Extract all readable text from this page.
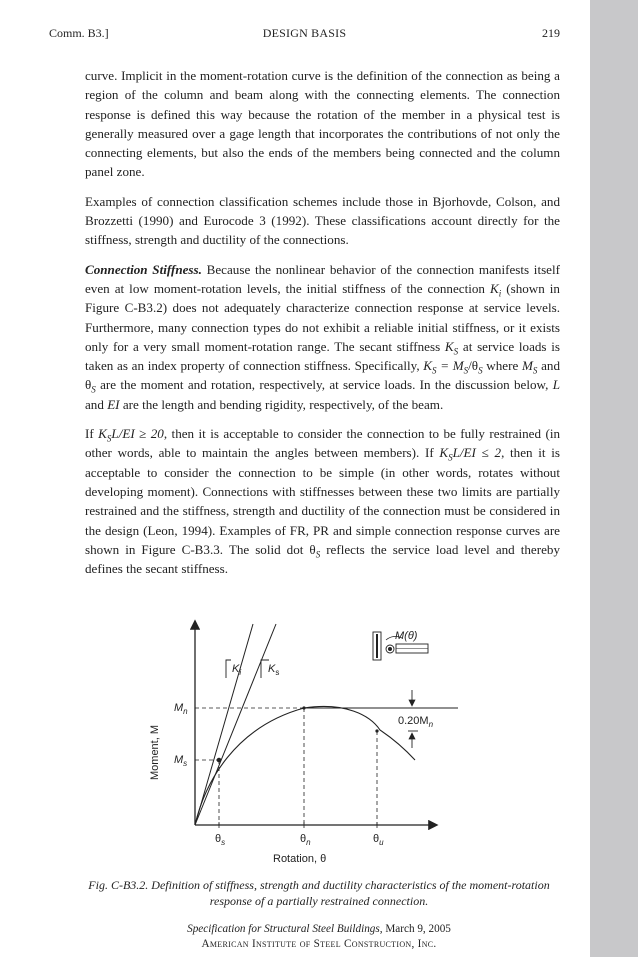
Comm. B3.]	DESIGN BASIS	219

curve. Implicit in the moment-rotation curve is the definition of the connection as being a region of the column and beam along with the connecting elements. The connection response is defined this way because the rotation of the member in a physical test is generally measured over a gage length that incorporates the contributions of not only the connecting elements, but also the ends of the members being connected and the column panel zone.

Examples of connection classification schemes include those in Bjorhovde, Colson, and Brozzetti (1990) and Eurocode 3 (1992). These classifications account directly for the stiffness, strength and ductility of the connections.

Connection Stiffness. Because the nonlinear behavior of the connection manifests itself even at low moment-rotation levels, the initial stiffness of the connection $K_i$ (shown in Figure C-B3.2) does not adequately characterize connection response at service levels. Furthermore, many connection types do not exhibit a reliable initial stiffness, or it exists only for a very small moment-rotation range. The secant stiffness $K_S$ at service loads is taken as an index property of connection stiffness. Specifically, $K_S = M_S/\theta_S$ where $M_S$ and $\theta_S$ are the moment and rotation, respectively, at service loads. In the discussion below, L and EI are the length and bending rigidity, respectively, of the beam.

If $K_SL/EI \ge 20$, then it is acceptable to consider the connection to be fully restrained (in other words, able to maintain the angles between members). If $K_SL/EI \le 2$, then it is acceptable to consider the connection to be simple (in other words, rotates without developing moment). Connections with stiffnesses between these two limits are partially restrained and the stiffness, strength and ductility of the connection must be considered in the design (Leon, 1994). Examples of FR, PR and simple connection response curves are shown in Figure C-B3.3. The solid dot $\theta_S$ reflects the service load level and thereby defines the secant stiffness.

$K_i$ $K_s$
$M_n$
$M_s$
M(θ)
$0.20M_n$
Moment, M
Rotation, θ
$\theta_s$	$\theta_n$	$\theta_u$
Fig. C-B3.2. Definition of stiffness, strength and ductility characteristics of the moment-rotation
response of a partially restrained connection.
Specification for Structural Steel Buildings, March 9, 2005
American Institute of Steel Construction, Inc.
